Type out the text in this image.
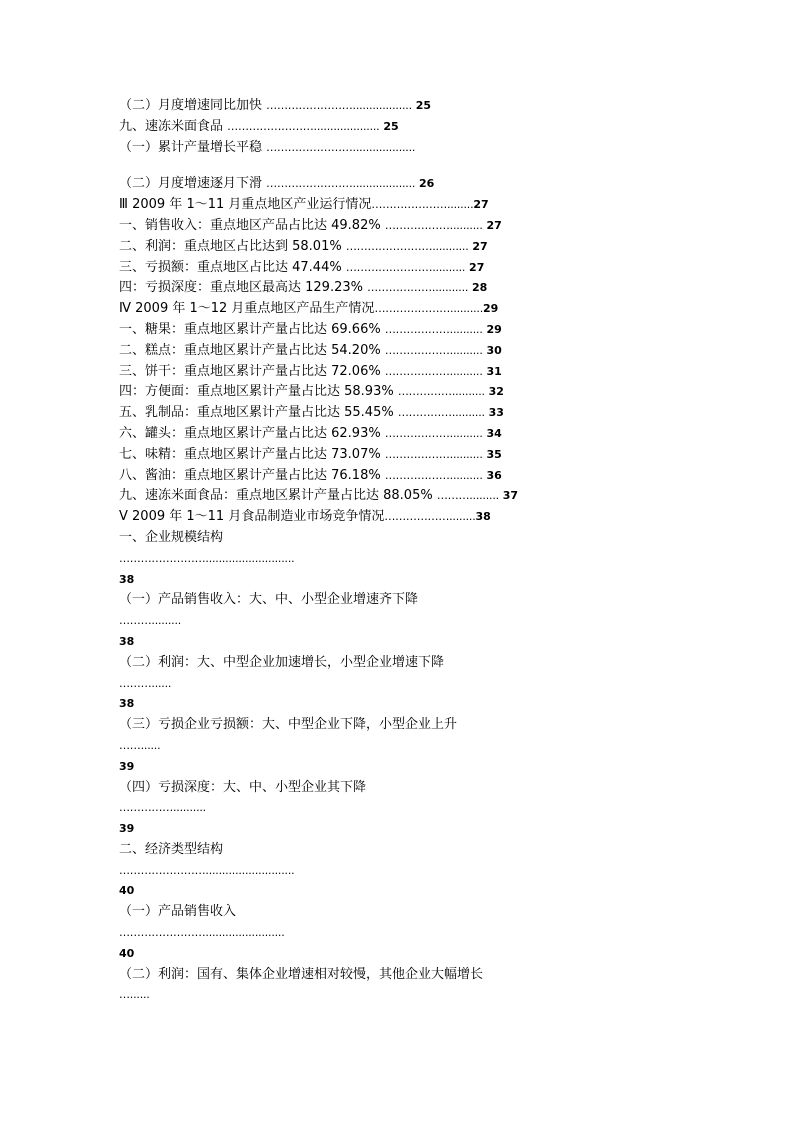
（二）月度增速同比加快 …………………….................. 25
九、速冻米面食品 …………………….................... 25
（一）累计产量增长平稳 ……………………...................
（二）月度增速逐月下滑 ……………………................... 26
Ⅲ 2009 年 1～11 月重点地区产业运行情况…………………........27
一、销售收入：重点地区产品占比达 49.82% ……………….......... 27
二、利润：重点地区占比达到 58.01% ……………………........... 27
三、亏损额：重点地区占比达 47.44% …………………….......... 27
四：亏损深度：重点地区最高达 129.23% ………………........... 28
Ⅳ 2009 年 1～12 月重点地区产品生产情况…………………..........29
一、糖果：重点地区累计产量占比达 69.66% ……………….......... 29
二、糕点：重点地区累计产量占比达 54.20% ……………….......... 30
三、饼干：重点地区累计产量占比达 72.06% ……………….......... 31
四：方便面：重点地区累计产量占比达 58.93% …………….......... 32
五、乳制品：重点地区累计产量占比达 55.45% …………….......... 33
六、罐头：重点地区累计产量占比达 62.93% ……………….......... 34
七、味精：重点地区累计产量占比达 73.07% ……………….......... 35
八、酱油：重点地区累计产量占比达 76.18% ……………….......... 36
九、速冻米面食品：重点地区累计产量占比达 88.05% ………......... 37
Ⅴ 2009 年 1～11 月食品制造业市场竞争情况………………........38
一、企业规模结构
……………………...........................
38
（一）产品销售收入：大、中、小型企业增速齐下降
……….........
38
（二）利润：大、中型企业加速增长，小型企业增速下降
………......
38
（三）亏损企业亏损额：大、中型企业下降，小型企业上升
……......
39
（四）亏损深度：大、中、小型企业其下降
……………..........
39
二、经济类型结构
……………………...........................
40
（一）产品销售收入
……………………........................
40
（二）利润：国有、集体企业增速相对较慢，其他企业大幅增长
…......
